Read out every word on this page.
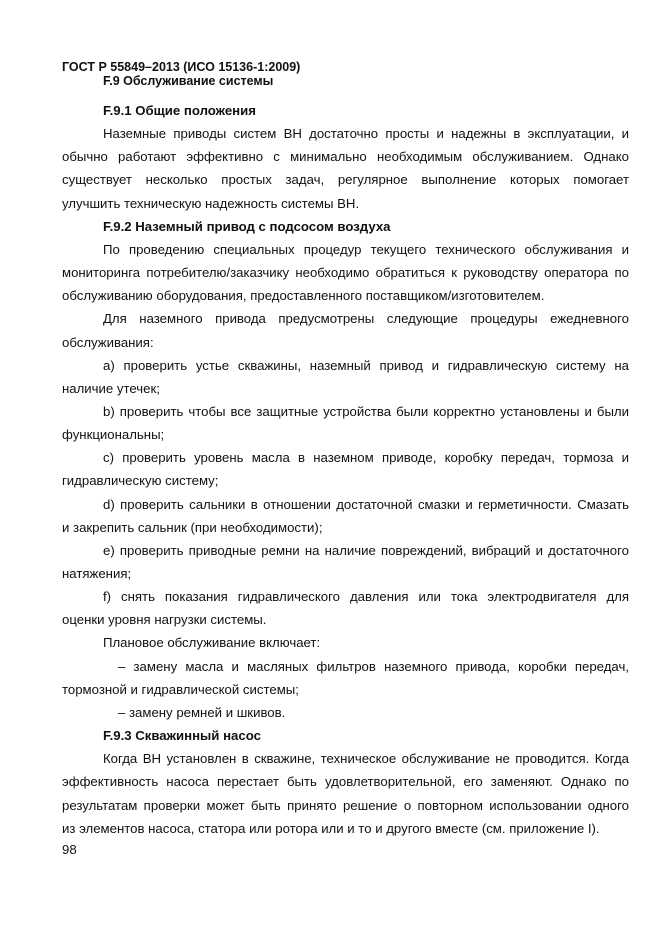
ГОСТ Р 55849–2013 (ИСО 15136-1:2009)
F.9 Обслуживание системы
F.9.1 Общие положения
Наземные приводы систем ВН достаточно просты и надежны в эксплуатации, и
обычно работают эффективно с минимально необходимым обслуживанием. Однако
существует несколько простых задач, регулярное выполнение которых помогает
улучшить техническую надежность системы ВН.
F.9.2 Наземный привод с подсосом воздуха
По проведению специальных процедур текущего технического обслуживания и
мониторинга потребителю/заказчику необходимо обратиться к руководству оператора по
обслуживанию оборудования, предоставленного поставщиком/изготовителем.
Для наземного привода предусмотрены следующие процедуры ежедневного
обслуживания:
a) проверить устье скважины, наземный привод и гидравлическую систему на
наличие утечек;
b) проверить чтобы все защитные устройства были корректно установлены и были
функциональны;
c) проверить уровень масла в наземном приводе, коробку передач, тормоза и
гидравлическую систему;
d) проверить сальники в отношении достаточной смазки и герметичности. Смазать
и закрепить сальник (при необходимости);
e) проверить приводные ремни на наличие повреждений, вибраций и достаточного
натяжения;
f) снять показания гидравлического давления или тока электродвигателя для
оценки уровня нагрузки системы.
Плановое обслуживание включает:
– замену масла и масляных фильтров наземного привода, коробки передач,
тормозной и гидравлической системы;
– замену ремней и шкивов.
F.9.3 Скважинный насос
Когда ВН установлен в скважине, техническое обслуживание не проводится. Когда
эффективность насоса перестает быть удовлетворительной, его заменяют. Однако по
результатам проверки может быть принято решение о повторном использовании одного
из элементов насоса, статора или ротора или и то и другого вместе (см. приложение I).
98
